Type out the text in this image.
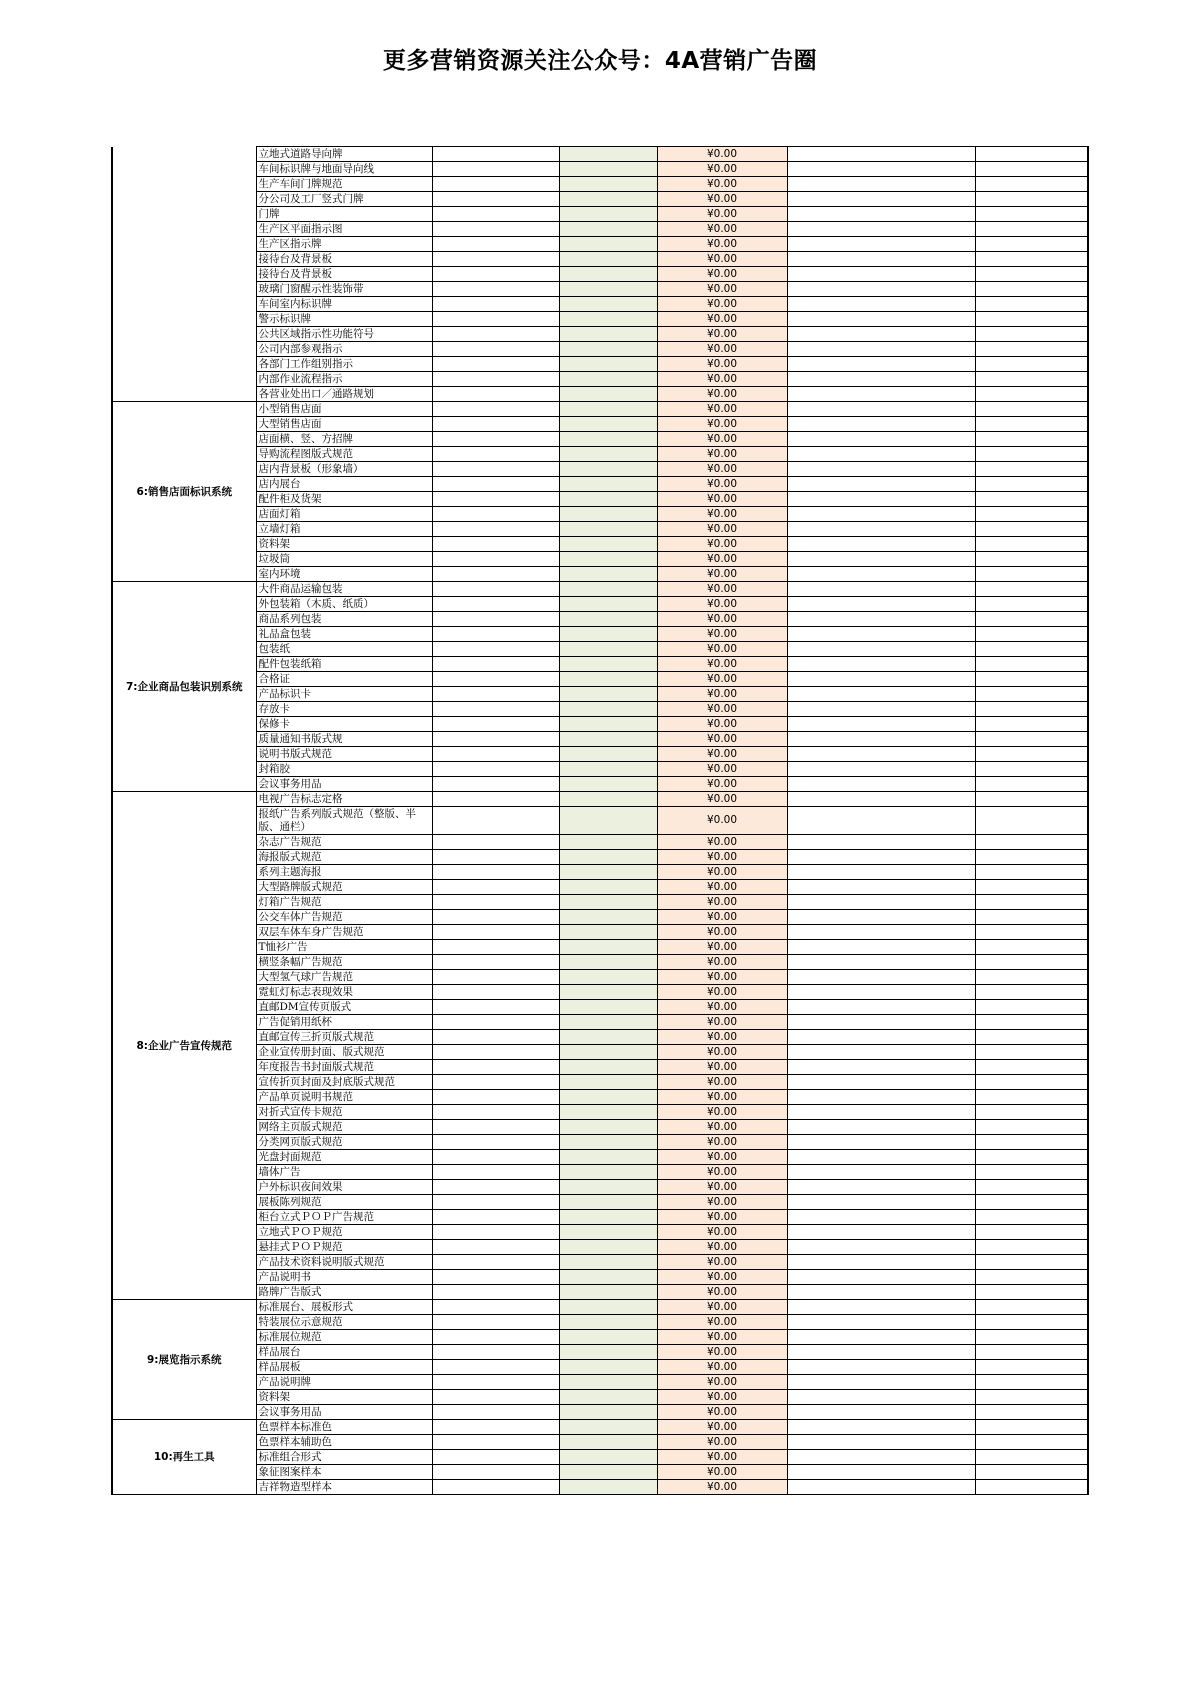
更多营销资源关注公众号：4A营销广告圈
	立地式道路导向牌			¥0.00		
	车间标识牌与地面导向线			¥0.00		
	生产车间门牌规范			¥0.00		
	分公司及工厂竖式门牌			¥0.00		
	门牌			¥0.00		
	生产区平面指示图			¥0.00		
	生产区指示牌			¥0.00		
	接待台及背景板			¥0.00		
	接待台及背景板			¥0.00		
	玻璃门窗醒示性装饰带			¥0.00		
	车间室内标识牌			¥0.00		
	警示标识牌			¥0.00		
	公共区域指示性功能符号			¥0.00		
	公司内部参观指示			¥0.00		
	各部门工作组别指示			¥0.00		
	内部作业流程指示			¥0.00		
	各营业处出口／通路规划			¥0.00		
6:销售店面标识系统	小型销售店面			¥0.00		
	大型销售店面			¥0.00		
	店面横、竖、方招牌			¥0.00		
	导购流程图版式规范			¥0.00		
	店内背景板（形象墙）			¥0.00		
	店内展台			¥0.00		
	配件柜及货架			¥0.00		
	店面灯箱			¥0.00		
	立墙灯箱			¥0.00		
	资料架			¥0.00		
	垃圾筒			¥0.00		
	室内环境			¥0.00		
7:企业商品包装识别系统	大件商品运输包装			¥0.00		
	外包装箱（木质、纸质）			¥0.00		
	商品系列包装			¥0.00		
	礼品盒包装			¥0.00		
	包装纸			¥0.00		
	配件包装纸箱			¥0.00		
	合格证			¥0.00		
	产品标识卡			¥0.00		
	存放卡			¥0.00		
	保修卡			¥0.00		
	质量通知书版式规			¥0.00		
	说明书版式规范			¥0.00		
	封箱胶			¥0.00		
	会议事务用品			¥0.00		
8:企业广告宣传规范	电视广告标志定格			¥0.00		
	报纸广告系列版式规范（整版、半版、通栏）			¥0.00		
	杂志广告规范			¥0.00		
	海报版式规范			¥0.00		
	系列主题海报			¥0.00		
	大型路牌版式规范			¥0.00		
	灯箱广告规范			¥0.00		
	公交车体广告规范			¥0.00		
	双层车体车身广告规范			¥0.00		
	T恤衫广告			¥0.00		
	横竖条幅广告规范			¥0.00		
	大型氢气球广告规范			¥0.00		
	霓虹灯标志表现效果			¥0.00		
	直邮DM宣传页版式			¥0.00		
	广告促销用纸杯			¥0.00		
	直邮宣传三折页版式规范			¥0.00		
	企业宣传册封面、版式规范			¥0.00		
	年度报告书封面版式规范			¥0.00		
	宣传折页封面及封底版式规范			¥0.00		
	产品单页说明书规范			¥0.00		
	对折式宣传卡规范			¥0.00		
	网络主页版式规范			¥0.00		
	分类网页版式规范			¥0.00		
	光盘封面规范			¥0.00		
	墙体广告			¥0.00		
	户外标识夜间效果			¥0.00		
	展板陈列规范			¥0.00		
	柜台立式ＰＯＰ广告规范			¥0.00		
	立地式ＰＯＰ规范			¥0.00		
	悬挂式ＰＯＰ规范			¥0.00		
	产品技术资料说明版式规范			¥0.00		
	产品说明书			¥0.00		
	路牌广告版式			¥0.00		
9:展览指示系统	标准展台、展板形式			¥0.00		
	特装展位示意规范			¥0.00		
	标准展位规范			¥0.00		
	样品展台			¥0.00		
	样品展板			¥0.00		
	产品说明牌			¥0.00		
	资料架			¥0.00		
	会议事务用品			¥0.00		
10:再生工具	色票样本标准色			¥0.00		
	色票样本辅助色			¥0.00		
	标准组合形式			¥0.00		
	象征图案样本			¥0.00		
	吉祥物造型样本			¥0.00		
